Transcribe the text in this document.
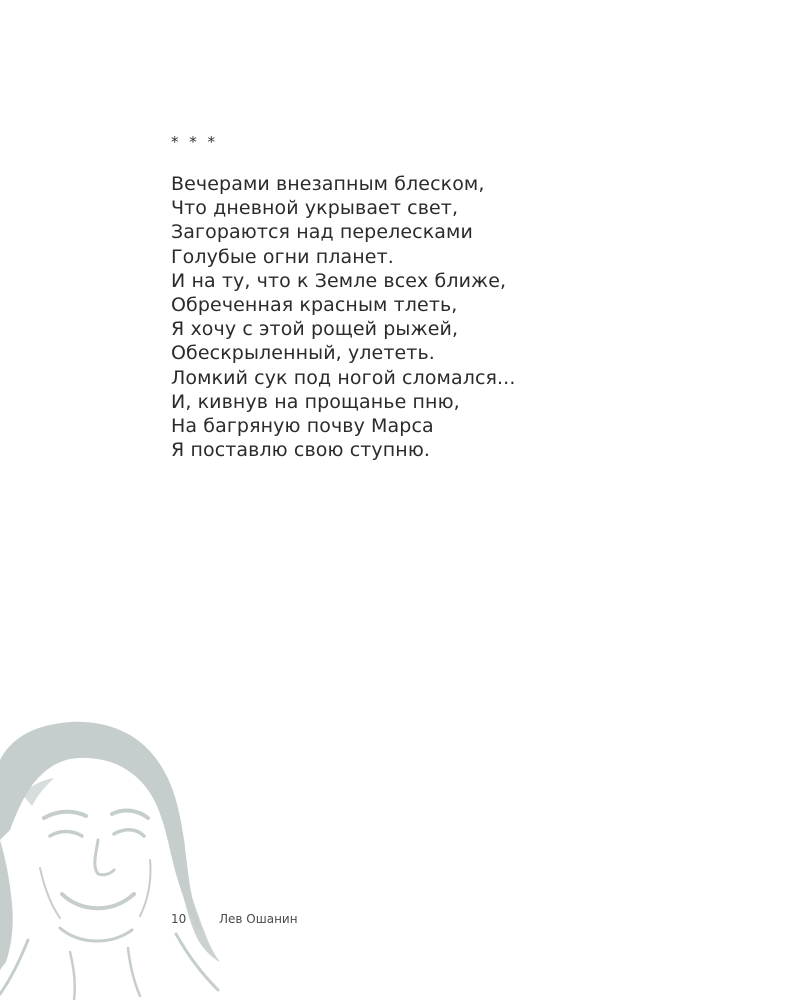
* * *
Вечерами внезапным блеском,
Что дневной укрывает свет,
Загораются над перелесками
Голубые огни планет.
И на ту, что к Земле всех ближе,
Обреченная красным тлеть,
Я хочу с этой рощей рыжей,
Обескрыленный, улететь.
Ломкий сук под ногой сломался...
И, кивнув на прощанье пню,
На багряную почву Марса
Я поставлю свою ступню.
10	Лев Ошанин
